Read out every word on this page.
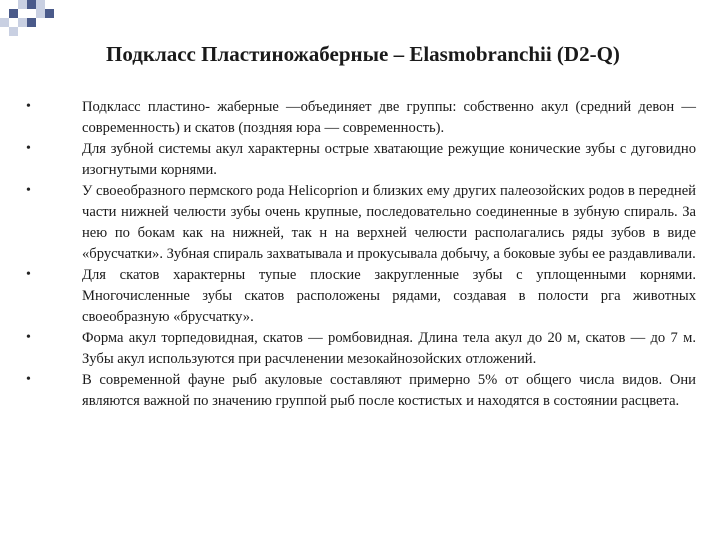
Подкласс Пластиножаберные – Elasmobranchii (D2-Q)
•	Подкласс пластино- жаберные —объединяет две группы: собственно акул (средний девон — современность) и скатов (поздняя юра — современность).
•	Для зубной системы акул характерны острые хватающие режущие конические зубы с дуговидно изогнутыми корнями.
•	У своеобразного пермского рода Helicoprion и близких ему других палеозойских родов в передней части нижней челюсти зубы очень крупные, последовательно соединенные в зубную спираль. За нею по бокам как на нижней, так н на верхней челюсти располагались ряды зубов в виде «брусчатки». Зубная спираль захватывала и прокусывала добычу, а боковые зубы ее раздавливали.
•	Для скатов характерны тупые плоские закругленные зубы с уплощенными корнями. Многочисленные зубы скатов расположены рядами, создавая в полости рга животных своеобразную «брусчатку».
•	Форма акул торпедовидная, скатов — ромбовидная. Длина тела акул до 20 м, скатов — до 7 м. Зубы акул используются при расчленении мезокайнозойских отложений.
•	В современной фауне рыб акуловые составляют примерно 5% от общего числа видов. Они являются важной по значению группой рыб после костистых и находятся в состоянии расцвета.
